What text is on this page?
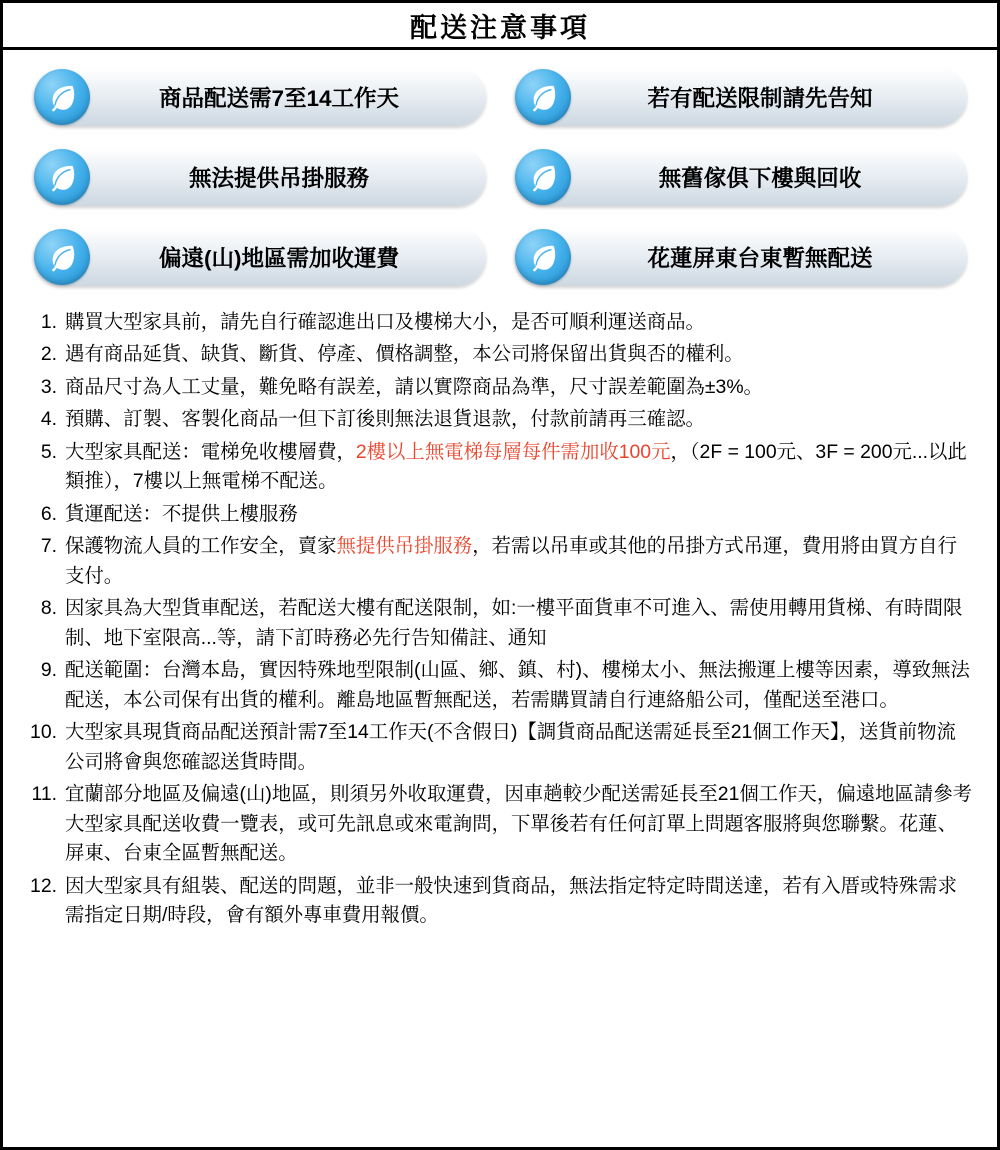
配送注意事項
商品配送需7至14工作天	若有配送限制請先告知
無法提供吊掛服務	無舊傢俱下樓與回收
偏遠(山)地區需加收運費	花蓮屏東台東暫無配送
購買大型家具前，請先自行確認進出口及樓梯大小，是否可順利運送商品。
遇有商品延貨、缺貨、斷貨、停產、價格調整，本公司將保留出貨與否的權利。
商品尺寸為人工丈量，難免略有誤差，請以實際商品為準，尺寸誤差範圍為±3%。
預購、訂製、客製化商品一但下訂後則無法退貨退款，付款前請再三確認。
大型家具配送：電梯免收樓層費，2樓以上無電梯每層每件需加收100元，（2F = 100元、3F = 200元...以此類推），7樓以上無電梯不配送。
貨運配送：不提供上樓服務
保護物流人員的工作安全，賣家無提供吊掛服務，若需以吊車或其他的吊掛方式吊運，費用將由買方自行支付。
因家具為大型貨車配送，若配送大樓有配送限制，如:一樓平面貨車不可進入、需使用轉用貨梯、有時間限制、地下室限高...等，請下訂時務必先行告知備註、通知
配送範圍：台灣本島，實因特殊地型限制(山區、鄉、鎮、村)、樓梯太小、無法搬運上樓等因素，導致無法配送，本公司保有出貨的權利。離島地區暫無配送，若需購買請自行連絡船公司，僅配送至港口。
大型家具現貨商品配送預計需7至14工作天(不含假日)【調貨商品配送需延長至21個工作天】，送貨前物流公司將會與您確認送貨時間。
宜蘭部分地區及偏遠(山)地區，則須另外收取運費，因車趟較少配送需延長至21個工作天，偏遠地區請參考大型家具配送收費一覽表，或可先訊息或來電詢問，下單後若有任何訂單上問題客服將與您聯繫。花蓮、屏東、台東全區暫無配送。
因大型家具有組裝、配送的問題，並非一般快速到貨商品，無法指定特定時間送達，若有入厝或特殊需求需指定日期/時段，會有額外專車費用報價。
